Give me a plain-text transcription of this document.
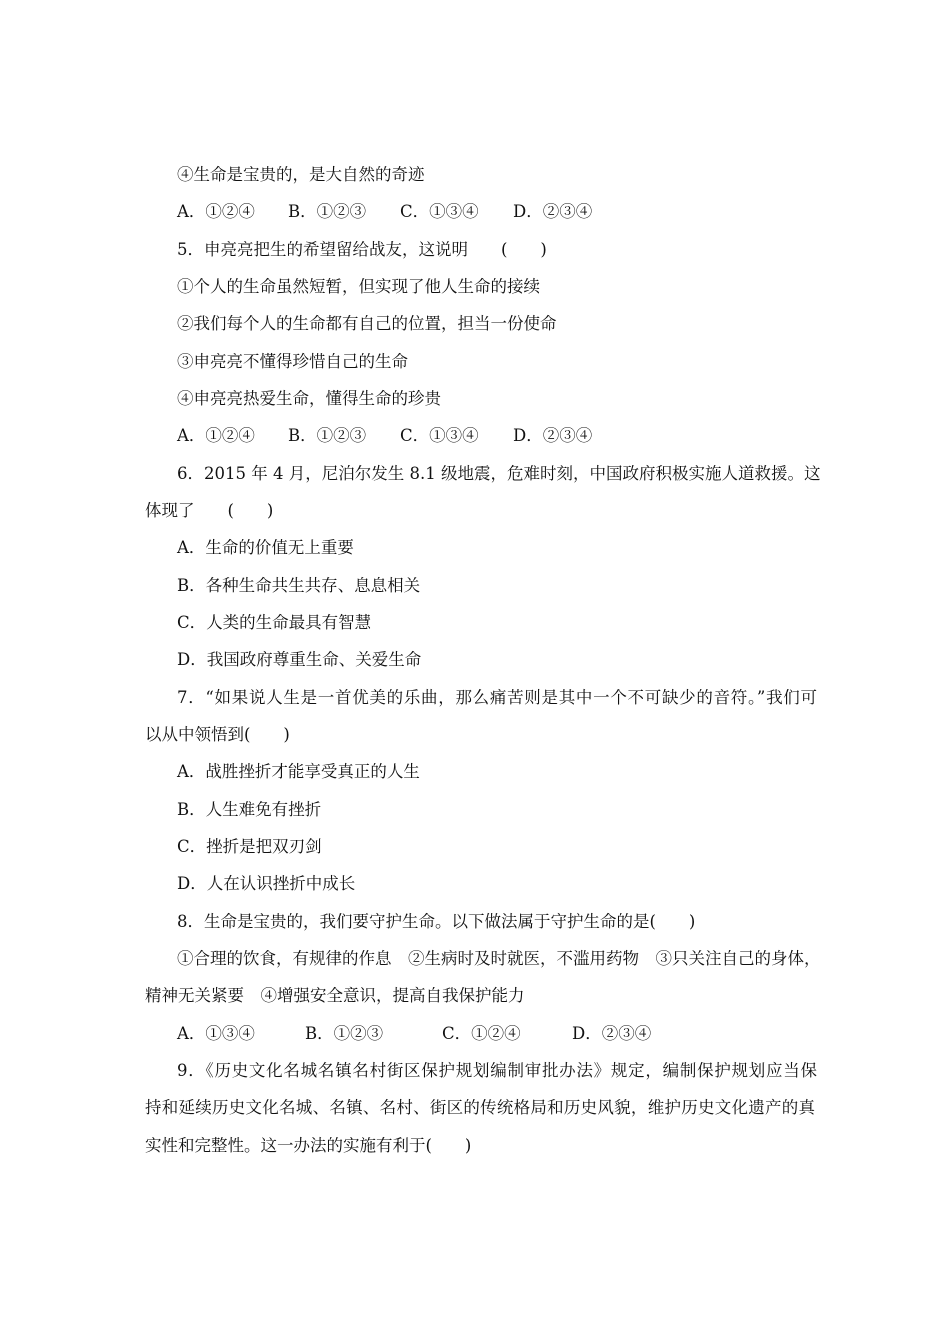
④生命是宝贵的，是大自然的奇迹
A．①②④ B．①②③ C．①③④ D．②③④
5．申亮亮把生的希望留给战友，这说明　　(　　)
①个人的生命虽然短暂，但实现了他人生命的接续
②我们每个人的生命都有自己的位置，担当一份使命
③申亮亮不懂得珍惜自己的生命
④申亮亮热爱生命，懂得生命的珍贵
A．①②④ B．①②③ C．①③④ D．②③④
6．2015 年 4 月，尼泊尔发生 8.1 级地震，危难时刻，中国政府积极实施人道救援。这
体现了　　(　　)
A．生命的价值无上重要
B．各种生命共生共存、息息相关
C．人类的生命最具有智慧
D．我国政府尊重生命、关爱生命
7．“如果说人生是一首优美的乐曲，那么痛苦则是其中一个不可缺少的音符。”我们可
以从中领悟到(　　)
A．战胜挫折才能享受真正的人生
B．人生难免有挫折
C．挫折是把双刃剑
D．人在认识挫折中成长
8．生命是宝贵的，我们要守护生命。以下做法属于守护生命的是(　　)
①合理的饮食，有规律的作息　②生病时及时就医，不滥用药物　③只关注自己的身体，
精神无关紧要　④增强安全意识，提高自我保护能力
A．①③④	B．①②③	C．①②④	D．②③④
9．《历史文化名城名镇名村街区保护规划编制审批办法》规定，编制保护规划应当保
持和延续历史文化名城、名镇、名村、街区的传统格局和历史风貌，维护历史文化遗产的真
实性和完整性。这一办法的实施有利于(　　)
